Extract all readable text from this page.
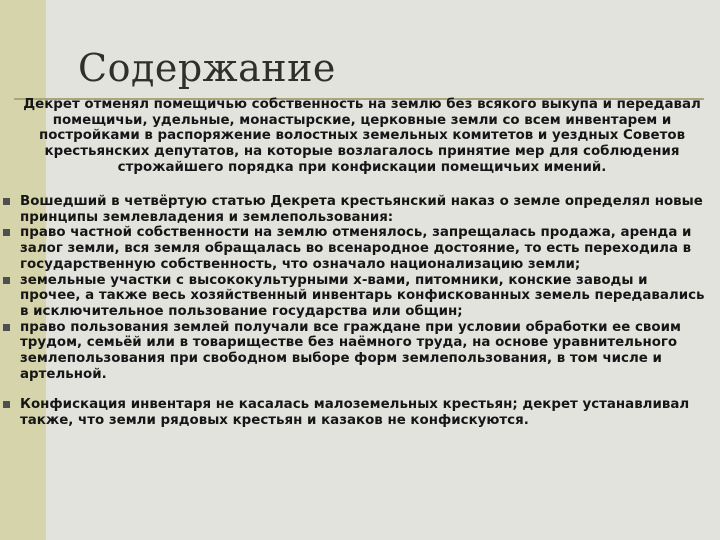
Содержание

Декрет отменял помещичью собственность на землю без всякого выкупа и передавал помещичьи, удельные, монастырские, церковные земли со всем инвентарем и постройками в распоряжение волостных земельных комитетов и уездных Советов крестьянских депутатов, на которые возлагалось принятие мер для соблюдения строжайшего порядка при конфискации помещичьих имений.

Вошедший в четвёртую статью Декрета крестьянский наказ о земле определял новые принципы землевладения и землепользования:
право частной собственности на землю отменялось, запрещалась продажа, аренда и залог земли, вся земля обращалась во всенародное достояние, то есть переходила в государственную собственность, что означало национализацию земли;
земельные участки с высококультурными х-вами, питомники, конские заводы и прочее, а также весь хозяйственный инвентарь конфискованных земель передавались в исключительное пользование государства или общин;
право пользования землей получали все граждане при условии обработки ее своим трудом, семьёй или в товариществе без наёмного труда, на основе уравнительного землепользования при свободном выборе форм землепользования, в том числе и артельной.
Конфискация инвентаря не касалась малоземельных крестьян; декрет устанавливал также, что земли рядовых крестьян и казаков не конфискуются.
